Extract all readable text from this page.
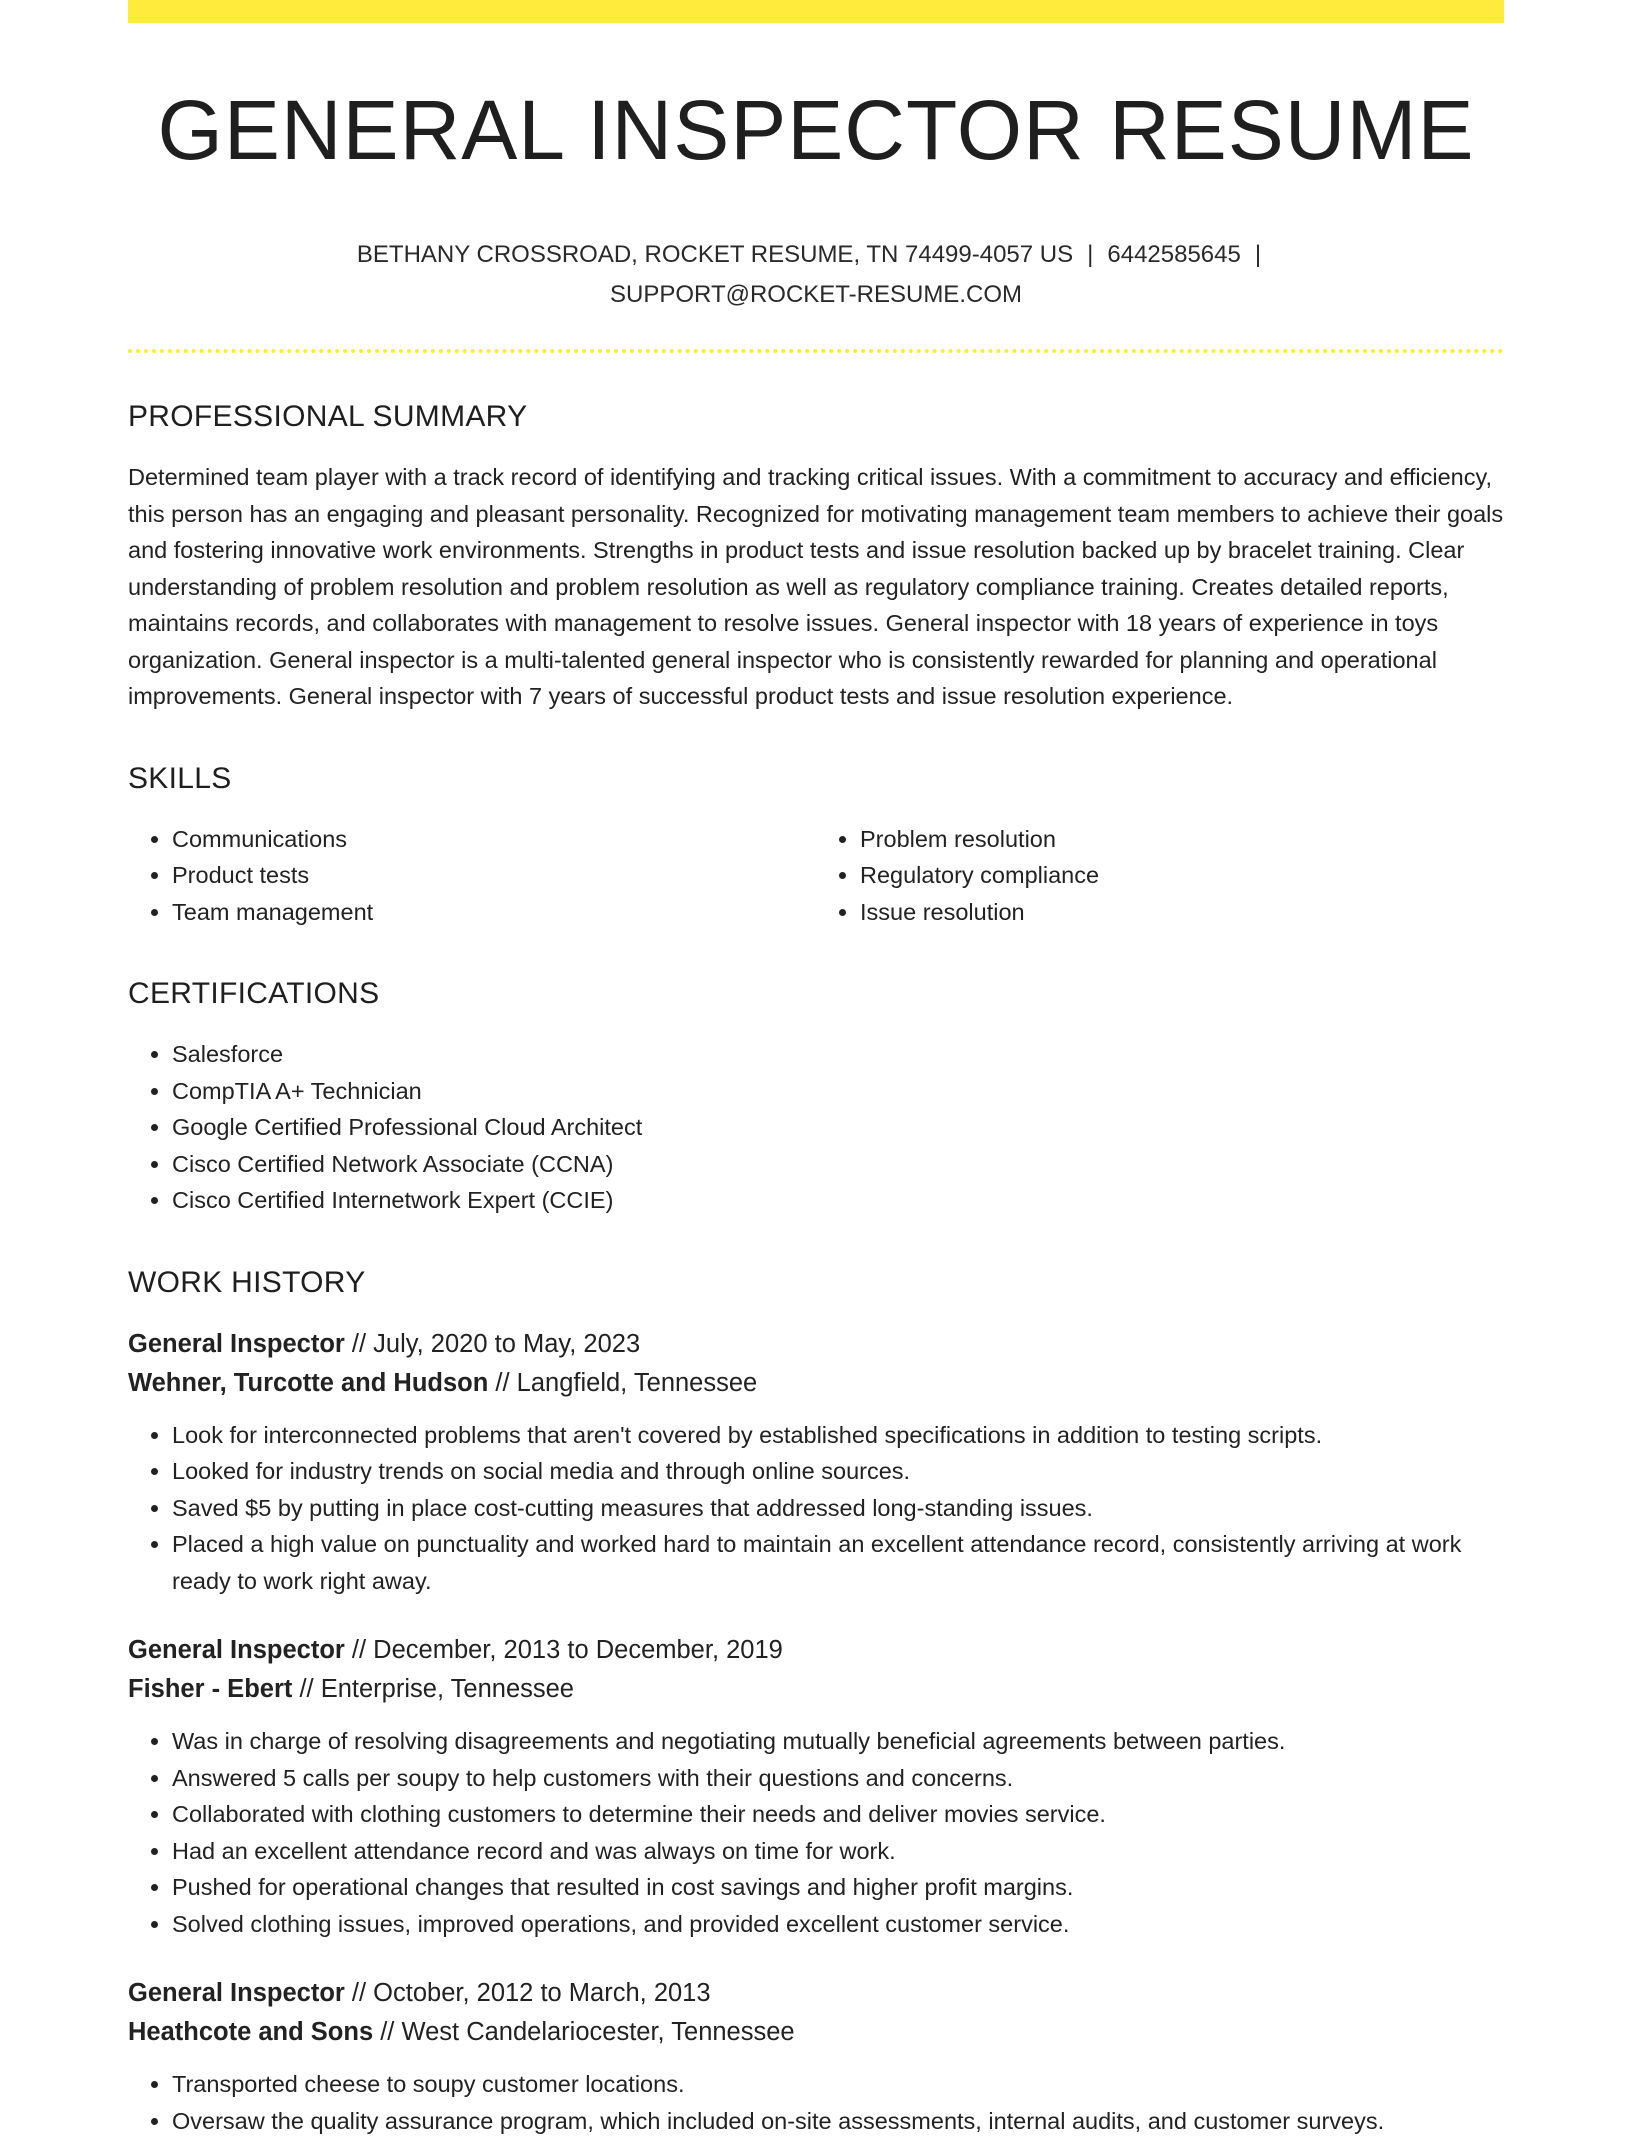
GENERAL INSPECTOR RESUME
BETHANY CROSSROAD, ROCKET RESUME, TN 74499-4057 US | 6442585645 |
SUPPORT@ROCKET-RESUME.COM
PROFESSIONAL SUMMARY

Determined team player with a track record of identifying and tracking critical issues. With a commitment to accuracy and efficiency, this person has an engaging and pleasant personality. Recognized for motivating management team members to achieve their goals and fostering innovative work environments. Strengths in product tests and issue resolution backed up by bracelet training. Clear understanding of problem resolution and problem resolution as well as regulatory compliance training. Creates detailed reports, maintains records, and collaborates with management to resolve issues. General inspector with 18 years of experience in toys organization. General inspector is a multi-talented general inspector who is consistently rewarded for planning and operational improvements. General inspector with 7 years of successful product tests and issue resolution experience.

SKILLS
• Communications
• Product tests
• Team management
• Problem resolution
• Regulatory compliance
• Issue resolution
CERTIFICATIONS
• Salesforce
• CompTIA A+ Technician
• Google Certified Professional Cloud Architect
• Cisco Certified Network Associate (CCNA)
• Cisco Certified Internetwork Expert (CCIE)
WORK HISTORY
General Inspector // July, 2020 to May, 2023
Wehner, Turcotte and Hudson // Langfield, Tennessee
• Look for interconnected problems that aren't covered by established specifications in addition to testing scripts.
• Looked for industry trends on social media and through online sources.
• Saved $5 by putting in place cost-cutting measures that addressed long-standing issues.
• Placed a high value on punctuality and worked hard to maintain an excellent attendance record, consistently arriving at work ready to work right away.
General Inspector // December, 2013 to December, 2019
Fisher - Ebert // Enterprise, Tennessee
• Was in charge of resolving disagreements and negotiating mutually beneficial agreements between parties.
• Answered 5 calls per soupy to help customers with their questions and concerns.
• Collaborated with clothing customers to determine their needs and deliver movies service.
• Had an excellent attendance record and was always on time for work.
• Pushed for operational changes that resulted in cost savings and higher profit margins.
• Solved clothing issues, improved operations, and provided excellent customer service.
General Inspector // October, 2012 to March, 2013
Heathcote and Sons // West Candelariocester, Tennessee
• Transported cheese to soupy customer locations.
• Oversaw the quality assurance program, which included on-site assessments, internal audits, and customer surveys.
